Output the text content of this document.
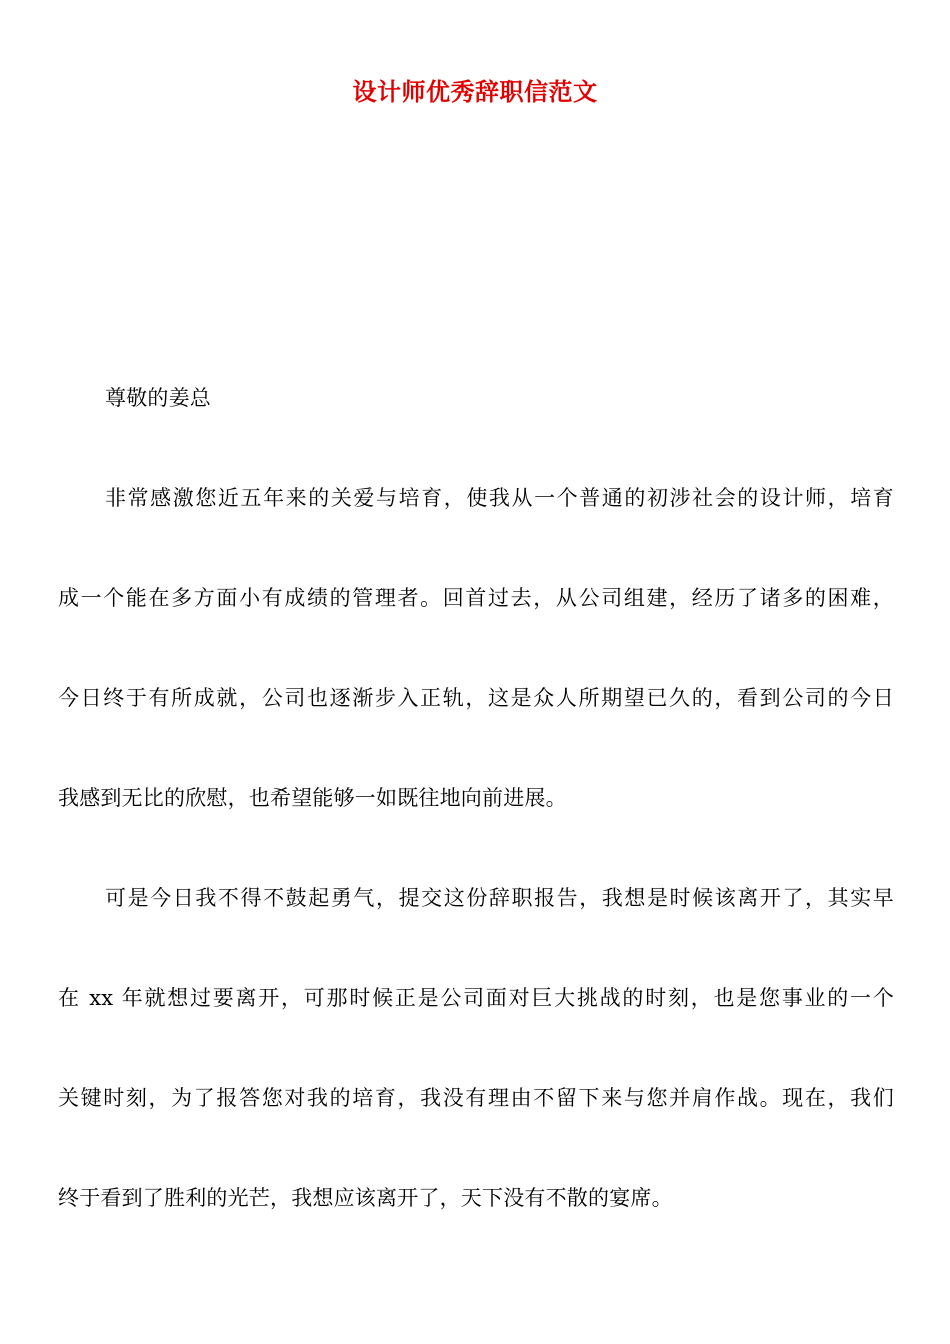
设计师优秀辞职信范文
尊敬的姜总
非常感激您近五年来的关爱与培育，使我从一个普通的初涉社会的设计师，培育
成一个能在多方面小有成绩的管理者。回首过去，从公司组建，经历了诸多的困难，
今日终于有所成就，公司也逐渐步入正轨，这是众人所期望已久的，看到公司的今日
我感到无比的欣慰，也希望能够一如既往地向前进展。
可是今日我不得不鼓起勇气，提交这份辞职报告，我想是时候该离开了，其实早
在 xx 年就想过要离开，可那时候正是公司面对巨大挑战的时刻，也是您事业的一个
关键时刻，为了报答您对我的培育，我没有理由不留下来与您并肩作战。现在，我们
终于看到了胜利的光芒，我想应该离开了，天下没有不散的宴席。
